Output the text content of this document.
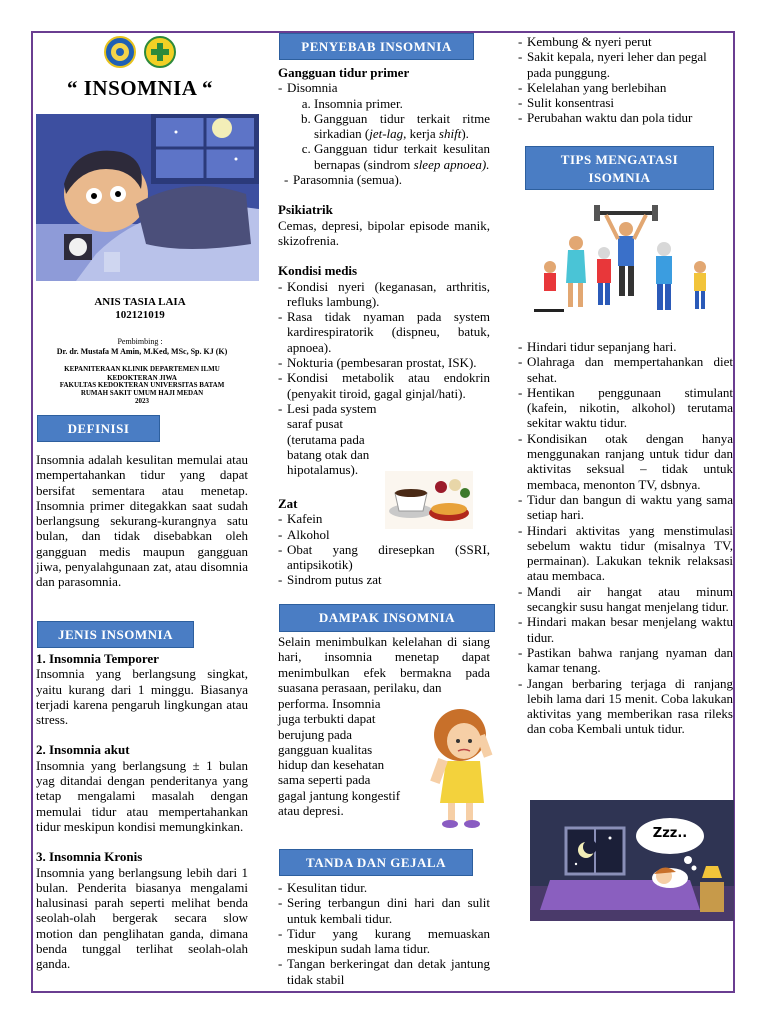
“ INSOMNIA “
ANIS TASIA LAIA
102121019
Pembimbing :
Dr. dr. Mustafa M Amin, M.Ked, MSc, Sp. KJ (K)
KEPANITERAAN KLINIK DEPARTEMEN ILMU KEDOKTERAN JIWA
FAKULTAS KEDOKTERAN UNIVERSITAS BATAM
RUMAH SAKIT UMUM HAJI MEDAN
2023
DEFINISI

Insomnia adalah kesulitan memulai atau mempertahankan tidur yang dapat bersifat sementara atau menetap. Insomnia primer ditegakkan saat sudah berlangsung sekurang-kurangnya satu bulan, dan tidak disebabkan oleh gangguan medis maupun gangguan jiwa, penyalahgunaan zat, atau disomnia dan parasomnia.

JENIS INSOMNIA

1. Insomnia Temporer

Insomnia yang berlangsung singkat, yaitu kurang dari 1 minggu. Biasanya terjadi karena pengaruh lingkungan atau stress.

2. Insomnia akut

Insomnia yang berlangsung ± 1 bulan yag ditandai dengan penderitanya yang tetap mengalami masalah dengan memulai tidur atau mempertahankan tidur meskipun kondisi memungkinkan.

3. Insomnia Kronis

Insomnia yang berlangsung lebih dari 1 bulan. Penderita biasanya mengalami halusinasi parah seperti melihat benda seolah-olah bergerak secara slow motion dan penglihatan ganda, dimana benda tunggal terlihat seolah-olah ganda.

PENYEBAB INSOMNIA

Gangguan tidur primer

- Disomnia
a. Insomnia primer.
b. Gangguan tidur terkait ritme sirkadian (jet-lag, kerja shift).
c. Gangguan tidur terkait kesulitan bernapas (sindrom sleep apnoea).
- Parasomnia (semua).

Psikiatrik

Cemas, depresi, bipolar episode manik, skizofrenia.

Kondisi medis

- Kondisi nyeri (keganasan, arthritis, refluks lambung).
- Rasa tidak nyaman pada system kardirespiratorik (dispneu, batuk, apnoea).
- Nokturia (pembesaran prostat, ISK).
- Kondisi metabolik atau endokrin (penyakit tiroid, gagal ginjal/hati).
- Lesi pada system saraf pusat (terutama pada batang otak dan hipotalamus).

Zat

- Kafein
- Alkohol
- Obat yang diresepkan (SSRI, antipsikotik)
- Sindrom putus zat
DAMPAK INSOMNIA

Selain menimbulkan kelelahan di siang hari, insomnia menetap dapat menimbulkan efek bermakna pada suasana perasaan, perilaku, dan

performa. Insomnia juga terbukti dapat berujung pada gangguan kualitas hidup dan kesehatan sama seperti pada gagal jantung kongestif atau depresi.

TANDA DAN GEJALA
- Kesulitan tidur.
- Sering terbangun dini hari dan sulit untuk kembali tidur.
- Tidur yang kurang memuaskan meskipun sudah lama tidur.
- Tangan berkeringat dan detak jantung tidak stabil
- Kembung & nyeri perut
- Sakit kepala, nyeri leher dan pegal pada punggung.
- Kelelahan yang berlebihan
- Sulit konsentrasi
- Perubahan waktu dan pola tidur
TIPS MENGATASI
ISOMNIA
- Hindari tidur sepanjang hari.
- Olahraga dan mempertahankan diet sehat.
- Hentikan penggunaan stimulant (kafein, nikotin, alkohol) terutama sekitar waktu tidur.
- Kondisikan otak dengan hanya menggunakan ranjang untuk tidur dan aktivitas seksual – tidak untuk membaca, menonton TV, dsbnya.
- Tidur dan bangun di waktu yang sama setiap hari.
- Hindari aktivitas yang menstimulasi sebelum waktu tidur (misalnya TV, permainan). Lakukan teknik relaksasi atau membaca.
- Mandi air hangat atau minum secangkir susu hangat menjelang tidur.
- Hindari makan besar menjelang waktu tidur.
- Pastikan bahwa ranjang nyaman dan kamar tenang.
- Jangan berbaring terjaga di ranjang lebih lama dari 15 menit. Coba lakukan aktivitas yang memberikan rasa rileks dan coba Kembali untuk tidur.
Zzz..
